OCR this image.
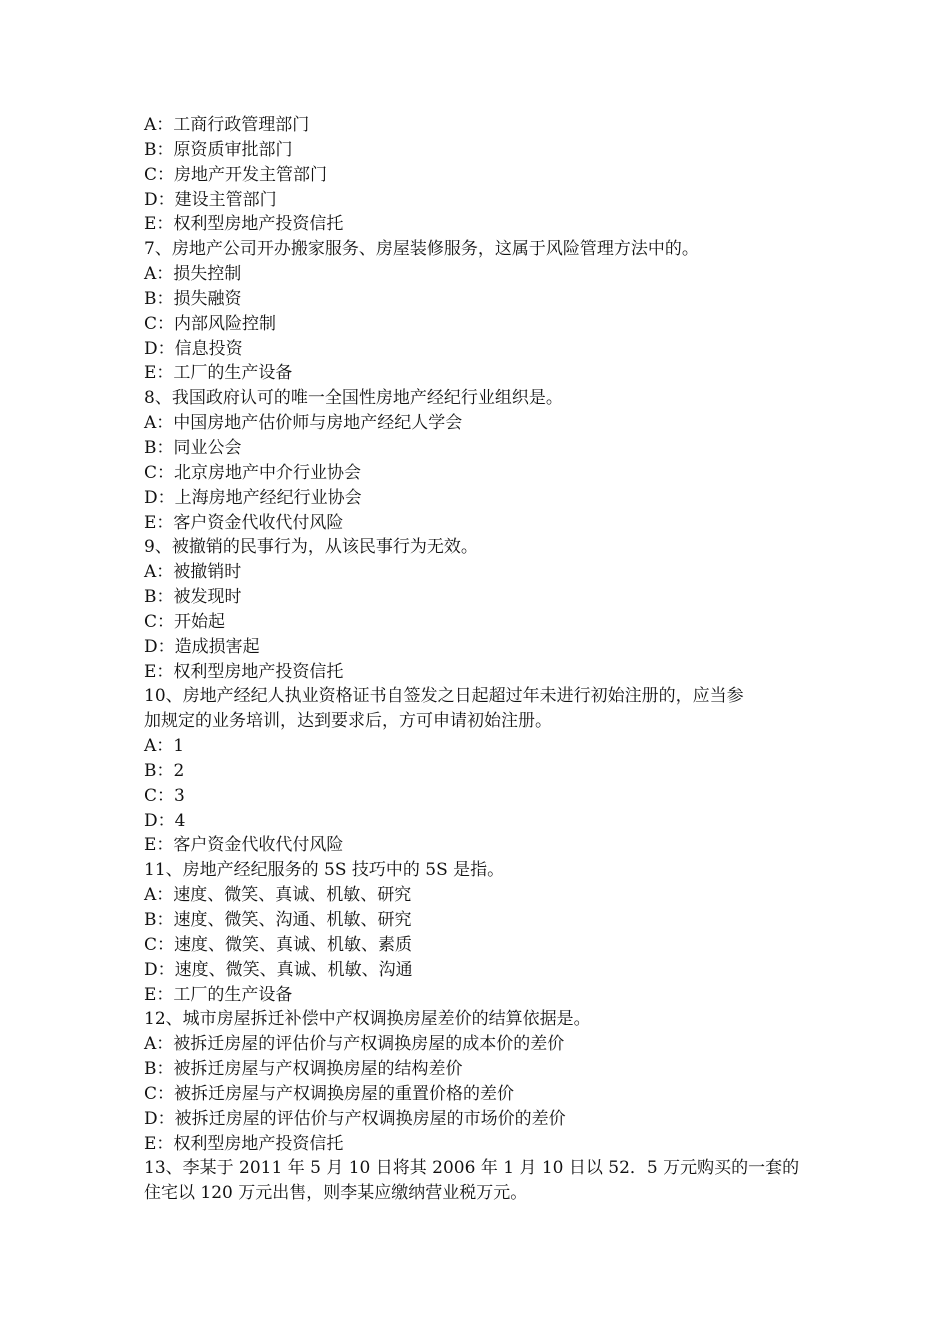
A：工商行政管理部门
B：原资质审批部门
C：房地产开发主管部门
D：建设主管部门
E：权利型房地产投资信托
7、房地产公司开办搬家服务、房屋装修服务，这属于风险管理方法中的。
A：损失控制
B：损失融资
C：内部风险控制
D：信息投资
E：工厂的生产设备
8、我国政府认可的唯一全国性房地产经纪行业组织是。
A：中国房地产估价师与房地产经纪人学会
B：同业公会
C：北京房地产中介行业协会
D：上海房地产经纪行业协会
E：客户资金代收代付风险
9、被撤销的民事行为，从该民事行为无效。
A：被撤销时
B：被发现时
C：开始起
D：造成损害起
E：权利型房地产投资信托
10、房地产经纪人执业资格证书自签发之日起超过年未进行初始注册的，应当参
加规定的业务培训，达到要求后，方可申请初始注册。
A：1
B：2
C：3
D：4
E：客户资金代收代付风险
11、房地产经纪服务的 5S 技巧中的 5S 是指。
A：速度、微笑、真诚、机敏、研究
B：速度、微笑、沟通、机敏、研究
C：速度、微笑、真诚、机敏、素质
D：速度、微笑、真诚、机敏、沟通
E：工厂的生产设备
12、城市房屋拆迁补偿中产权调换房屋差价的结算依据是。
A：被拆迁房屋的评估价与产权调换房屋的成本价的差价
B：被拆迁房屋与产权调换房屋的结构差价
C：被拆迁房屋与产权调换房屋的重置价格的差价
D：被拆迁房屋的评估价与产权调换房屋的市场价的差价
E：权利型房地产投资信托
13、李某于 2011 年 5 月 10 日将其 2006 年 1 月 10 日以 52．5 万元购买的一套的
住宅以 120 万元出售，则李某应缴纳营业税万元。
